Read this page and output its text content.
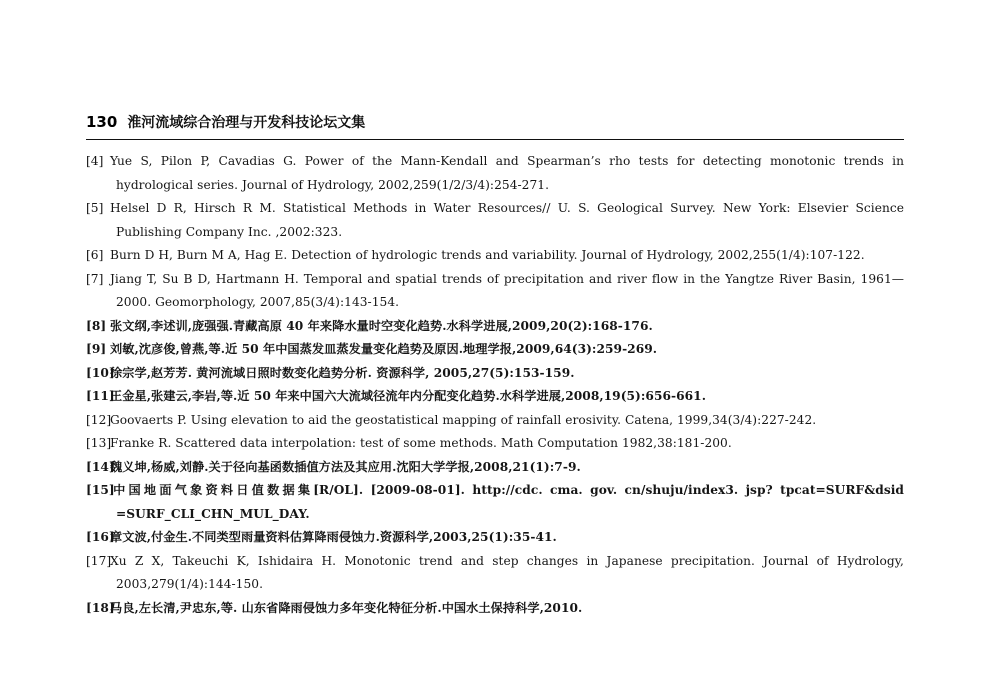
130 淮河流域综合治理与开发科技论坛文集
[4] Yue S, Pilon P, Cavadias G. Power of the Mann-Kendall and Spearman’s rho tests for detecting monotonic trends in hydrological series. Journal of Hydrology, 2002,259(1/2/3/4):254-271.
[5] Helsel D R, Hirsch R M. Statistical Methods in Water Resources// U. S. Geological Survey. New York: Elsevier Science Publishing Company Inc. ,2002:323.
[6] Burn D H, Burn M A, Hag E. Detection of hydrologic trends and variability. Journal of Hydrology, 2002,255(1/4):107-122.
[7] Jiang T, Su B D, Hartmann H. Temporal and spatial trends of precipitation and river flow in the Yangtze River Basin, 1961—2000. Geomorphology, 2007,85(3/4):143-154.
[8] 张文纲,李述训,庞强强.青藏高原 40 年来降水量时空变化趋势.水科学进展,2009,20(2):168-176.
[9] 刘敏,沈彦俊,曾燕,等.近 50 年中国蒸发皿蒸发量变化趋势及原因.地理学报,2009,64(3):259-269.
[10]徐宗学,赵芳芳. 黄河流域日照时数变化趋势分析. 资源科学, 2005,27(5):153-159.
[11]王金星,张建云,李岩,等.近 50 年来中国六大流域径流年内分配变化趋势.水科学进展,2008,19(5):656-661.
[12]Goovaerts P. Using elevation to aid the geostatistical mapping of rainfall erosivity. Catena, 1999,34(3/4):227-242.
[13]Franke R. Scattered data interpolation: test of some methods. Math Computation 1982,38:181-200.
[14]魏义坤,杨威,刘静.关于径向基函数插值方法及其应用.沈阳大学学报,2008,21(1):7-9.
[15]中国地面气象资料日值数据集[R/OL]. [2009-08-01]. http://cdc. cma. gov. cn/shuju/index3. jsp? tpcat=SURF&dsid =SURF_CLI_CHN_MUL_DAY.
[16]章文波,付金生.不同类型雨量资料估算降雨侵蚀力.资源科学,2003,25(1):35-41.
[17]Xu Z X, Takeuchi K, Ishidaira H. Monotonic trend and step changes in Japanese precipitation. Journal of Hydrology, 2003,279(1/4):144-150.
[18]马良,左长清,尹忠东,等. 山东省降雨侵蚀力多年变化特征分析.中国水土保持科学,2010.
